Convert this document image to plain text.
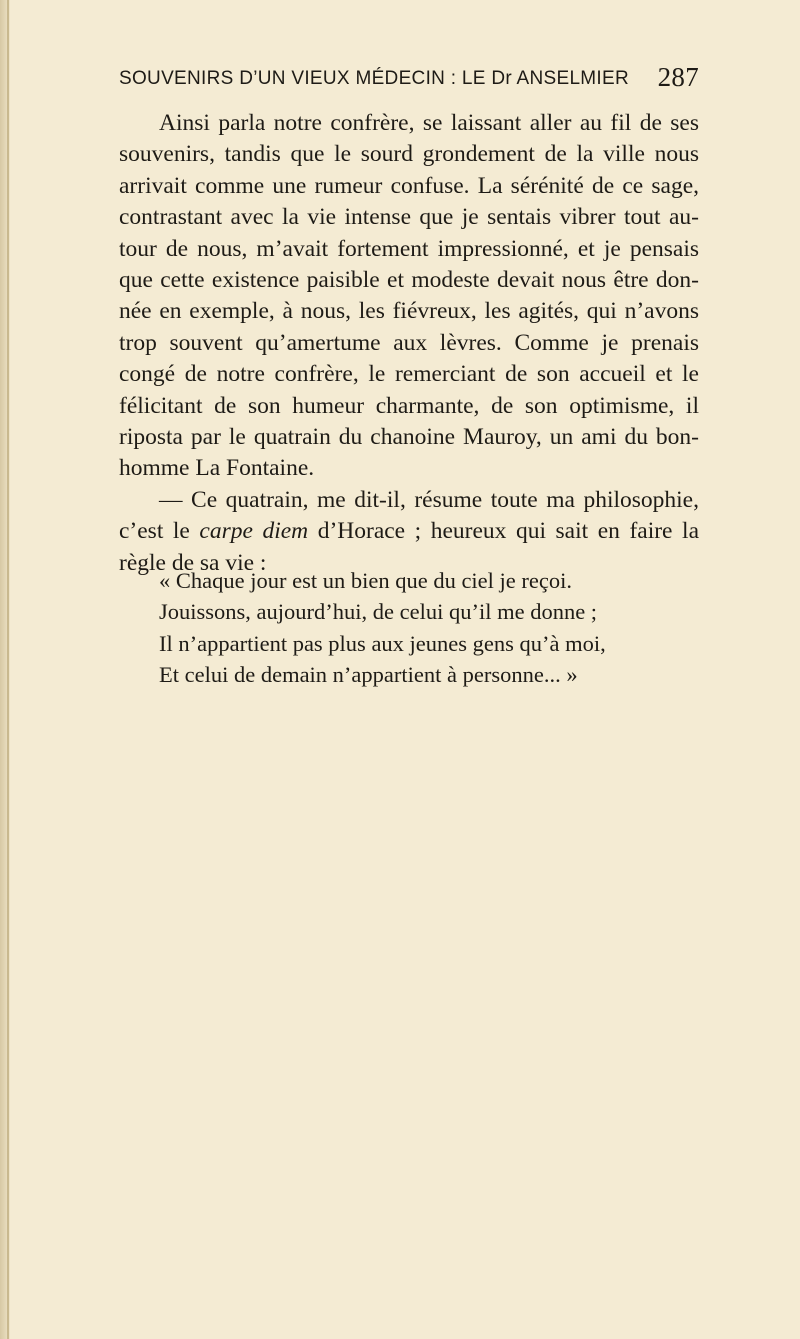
SOUVENIRS D’UN VIEUX MÉDECIN : LE Dr ANSELMIER 287
Ainsi parla notre confrère, se laissant aller au fil de ses
souvenirs, tandis que le sourd grondement de la ville nous
arrivait comme une rumeur confuse. La sérénité de ce sage,
contrastant avec la vie intense que je sentais vibrer tout au-
tour de nous, m’avait fortement impressionné, et je pensais
que cette existence paisible et modeste devait nous être don-
née en exemple, à nous, les fiévreux, les agités, qui n’avons
trop souvent qu’amertume aux lèvres. Comme je prenais
congé de notre confrère, le remerciant de son accueil et le
félicitant de son humeur charmante, de son optimisme, il
riposta par le quatrain du chanoine Mauroy, un ami du bon-
homme La Fontaine.
— Ce quatrain, me dit-il, résume toute ma philosophie,
c’est le carpe diem d’Horace ; heureux qui sait en faire la
règle de sa vie :
« Chaque jour est un bien que du ciel je reçoi.
Jouissons, aujourd’hui, de celui qu’il me donne ;
Il n’appartient pas plus aux jeunes gens qu’à moi,
Et celui de demain n’appartient à personne... »
